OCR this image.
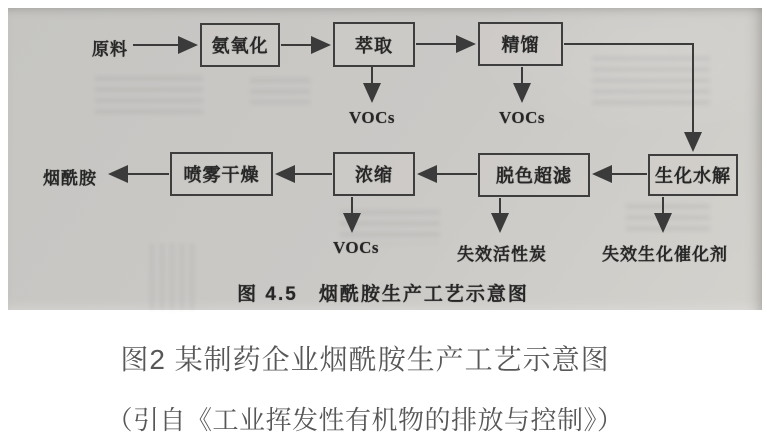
原料	氨氧化	萃取	精馏
喷雾干燥	浓缩	脱色超滤	生化水解
烟酰胺
VOCs	VOCs
VOCs	失效活性炭	失效生化催化剂
图 4.5　烟酰胺生产工艺示意图
图2 某制药企业烟酰胺生产工艺示意图
（引自《工业挥发性有机物的排放与控制》）
